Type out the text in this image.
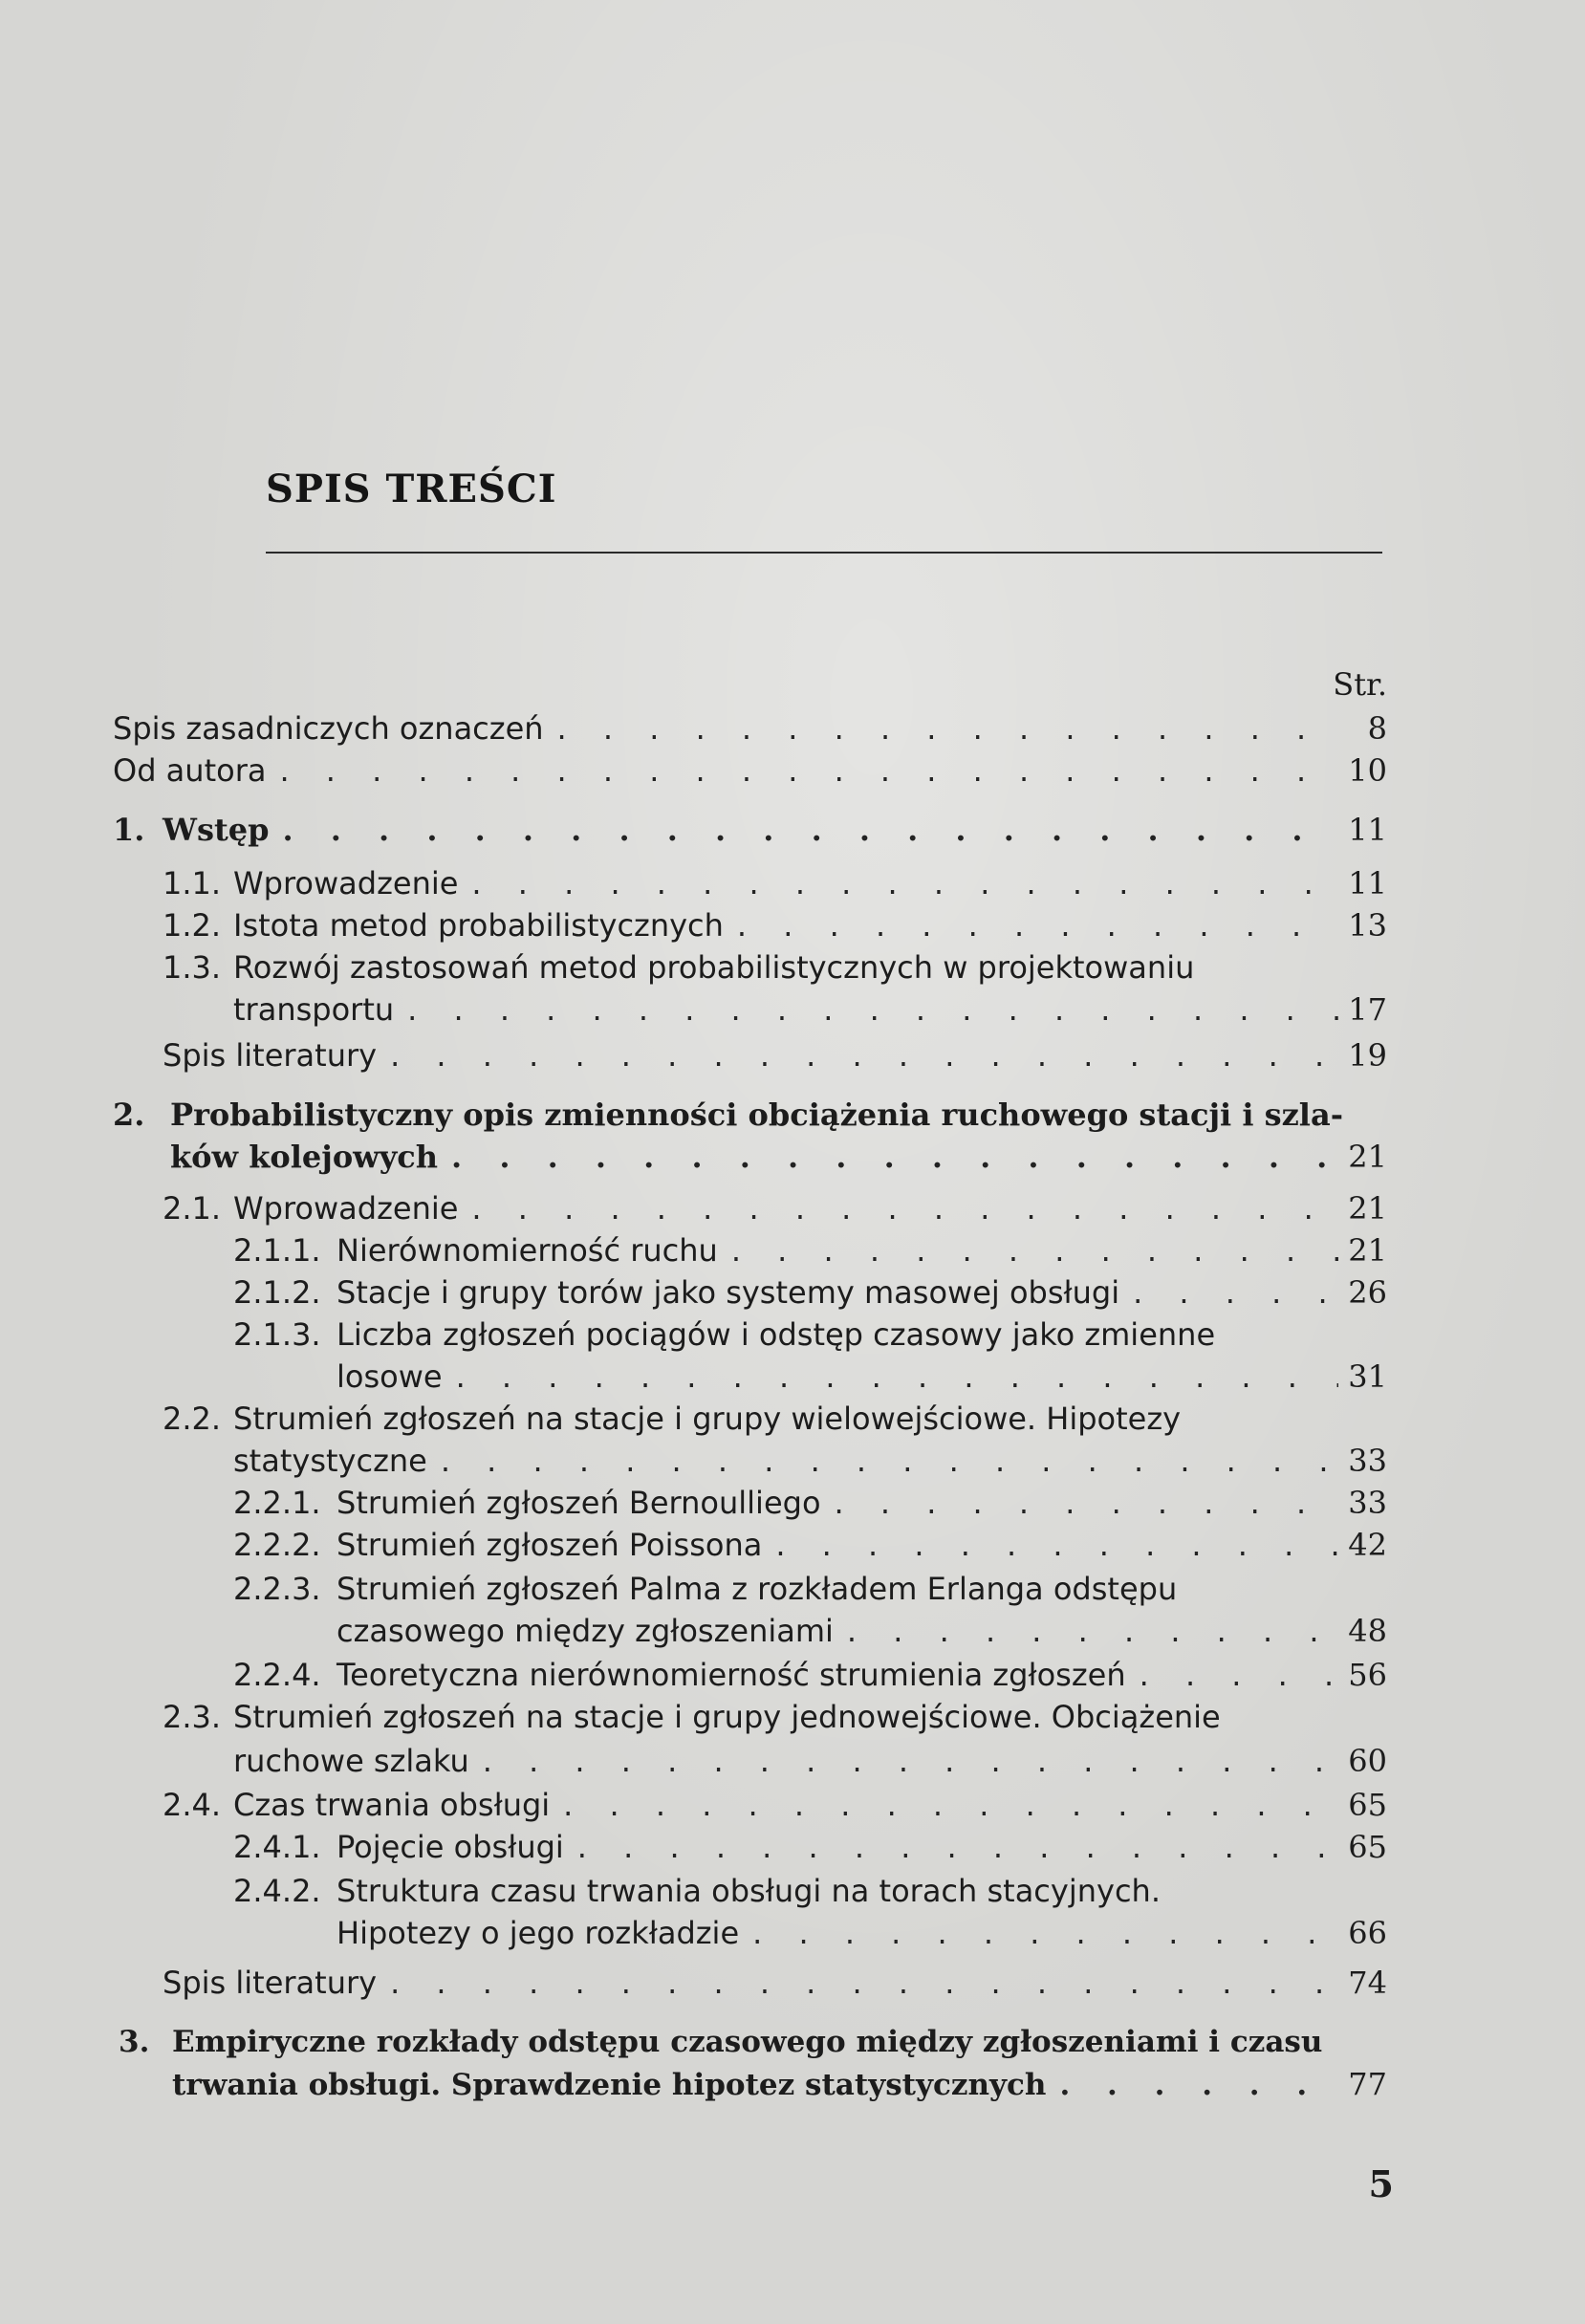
SPIS TREŚCI
Str.
Spis zasadniczych oznaczeń . . .	8
Od autora . . .	10
1. Wstęp . . .	11
1.1. Wprowadzenie . . .	11
1.2. Istota metod probabilistycznych . . .	13
1.3. Rozwój zastosowań metod probabilistycznych w projektowaniu
transportu . . .	17
Spis literatury . . .	19
2. Probabilistyczny opis zmienności obciążenia ruchowego stacji i szla-
ków kolejowych . . .	21
2.1. Wprowadzenie . . .	21
2.1.1. Nierównomierność ruchu . . .	21
2.1.2. Stacje i grupy torów jako systemy masowej obsługi . . .	26
2.1.3. Liczba zgłoszeń pociągów i odstęp czasowy jako zmienne
losowe . . .	31
2.2. Strumień zgłoszeń na stacje i grupy wielowejściowe. Hipotezy
statystyczne . . .	33
2.2.1. Strumień zgłoszeń Bernoulliego . . .	33
2.2.2. Strumień zgłoszeń Poissona . . .	42
2.2.3. Strumień zgłoszeń Palma z rozkładem Erlanga odstępu
czasowego między zgłoszeniami . . .	48
2.2.4. Teoretyczna nierównomierność strumienia zgłoszeń . . .	56
2.3. Strumień zgłoszeń na stacje i grupy jednowejściowe. Obciążenie
ruchowe szlaku . . .	60
2.4. Czas trwania obsługi . . .	65
2.4.1. Pojęcie obsługi . . .	65
2.4.2. Struktura czasu trwania obsługi na torach stacyjnych.
Hipotezy o jego rozkładzie . . .	66
Spis literatury . . .	74
3. Empiryczne rozkłady odstępu czasowego między zgłoszeniami i czasu
trwania obsługi. Sprawdzenie hipotez statystycznych . . .	77
5
